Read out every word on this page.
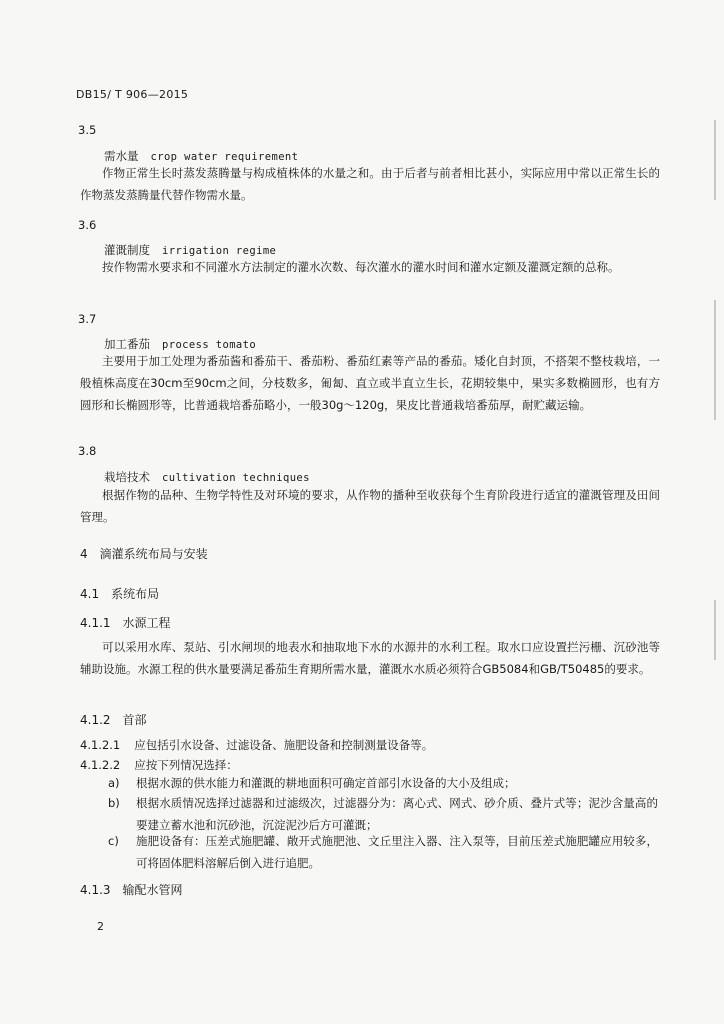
DB15/ T 906—2015
3.5
需水量 crop water requirement
作物正常生长时蒸发蒸腾量与构成植株体的水量之和。由于后者与前者相比甚小，实际应用中常以正常生长的作物蒸发蒸腾量代替作物需水量。
3.6
灌溉制度 irrigation regime
按作物需水要求和不同灌水方法制定的灌水次数、每次灌水的灌水时间和灌水定额及灌溉定额的总称。
3.7
加工番茄 process tomato
主要用于加工处理为番茄酱和番茄干、番茄粉、番茄红素等产品的番茄。矮化自封顶，不搭架不整枝栽培，一般植株高度在30cm至90cm之间，分枝数多，匍匐、直立或半直立生长，花期较集中，果实多数椭圆形，也有方圆形和长椭圆形等，比普通栽培番茄略小，一般30g～120g，果皮比普通栽培番茄厚，耐贮藏运输。
3.8
栽培技术 cultivation techniques
根据作物的品种、生物学特性及对环境的要求，从作物的播种至收获每个生育阶段进行适宜的灌溉管理及田间管理。
4 滴灌系统布局与安装
4.1 系统布局
4.1.1 水源工程
可以采用水库、泵站、引水闸坝的地表水和抽取地下水的水源井的水利工程。取水口应设置拦污栅、沉砂池等辅助设施。水源工程的供水量要满足番茄生育期所需水量，灌溉水水质必须符合GB5084和GB/T50485的要求。
4.1.2 首部
4.1.2.1 应包括引水设备、过滤设备、施肥设备和控制测量设备等。
4.1.2.2 应按下列情况选择：
a) 根据水源的供水能力和灌溉的耕地面积可确定首部引水设备的大小及组成；
b) 根据水质情况选择过滤器和过滤级次，过滤器分为：离心式、网式、砂介质、叠片式等；泥沙含量高的要建立蓄水池和沉砂池，沉淀泥沙后方可灌溉；
c) 施肥设备有：压差式施肥罐、敞开式施肥池、文丘里注入器、注入泵等，目前压差式施肥罐应用较多，可将固体肥料溶解后倒入进行追肥。
4.1.3 输配水管网
2
